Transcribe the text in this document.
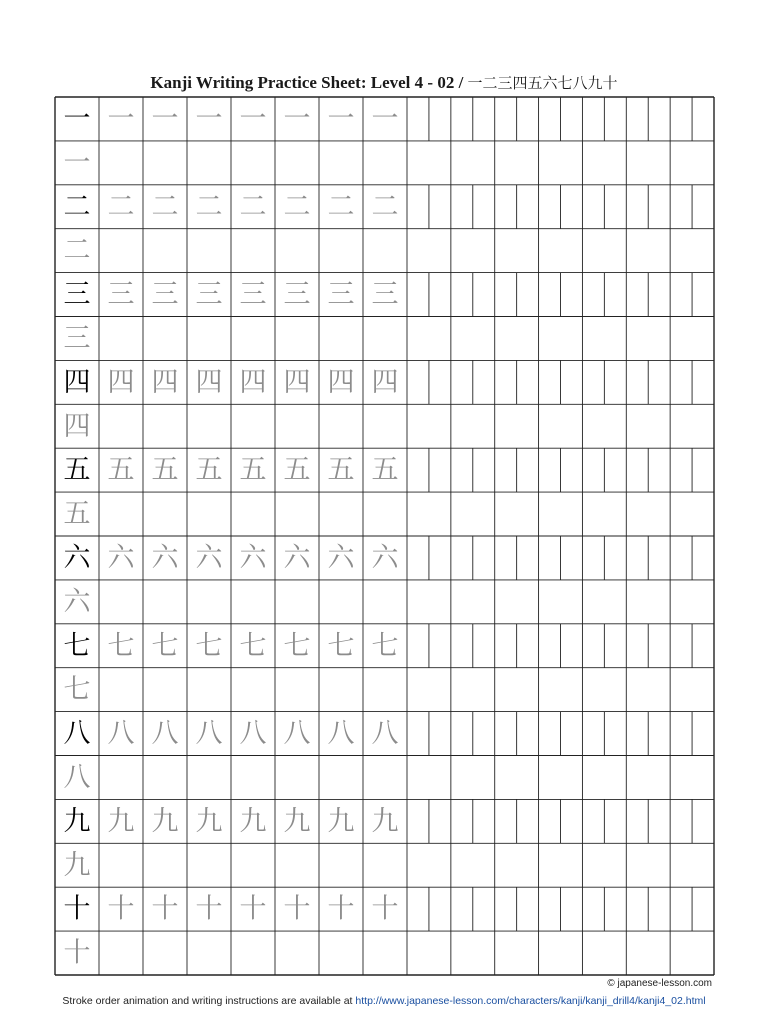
Kanji Writing Practice Sheet: Level 4 - 02 / 一二三四五六七八九十
一 一 一 一 一 一 一 一
一
二 二 二 二 二 二 二 二
二
三 三 三 三 三 三 三 三
三
四 四 四 四 四 四 四 四
四
五 五 五 五 五 五 五 五
五
六 六 六 六 六 六 六 六
六
七 七 七 七 七 七 七 七
七
八 八 八 八 八 八 八 八
八
九 九 九 九 九 九 九 九
九
十 十 十 十 十 十 十 十
十
© japanese-lesson.com
Stroke order animation and writing instructions are available at http://www.japanese-lesson.com/characters/kanji/kanji_drill4/kanji4_02.html
